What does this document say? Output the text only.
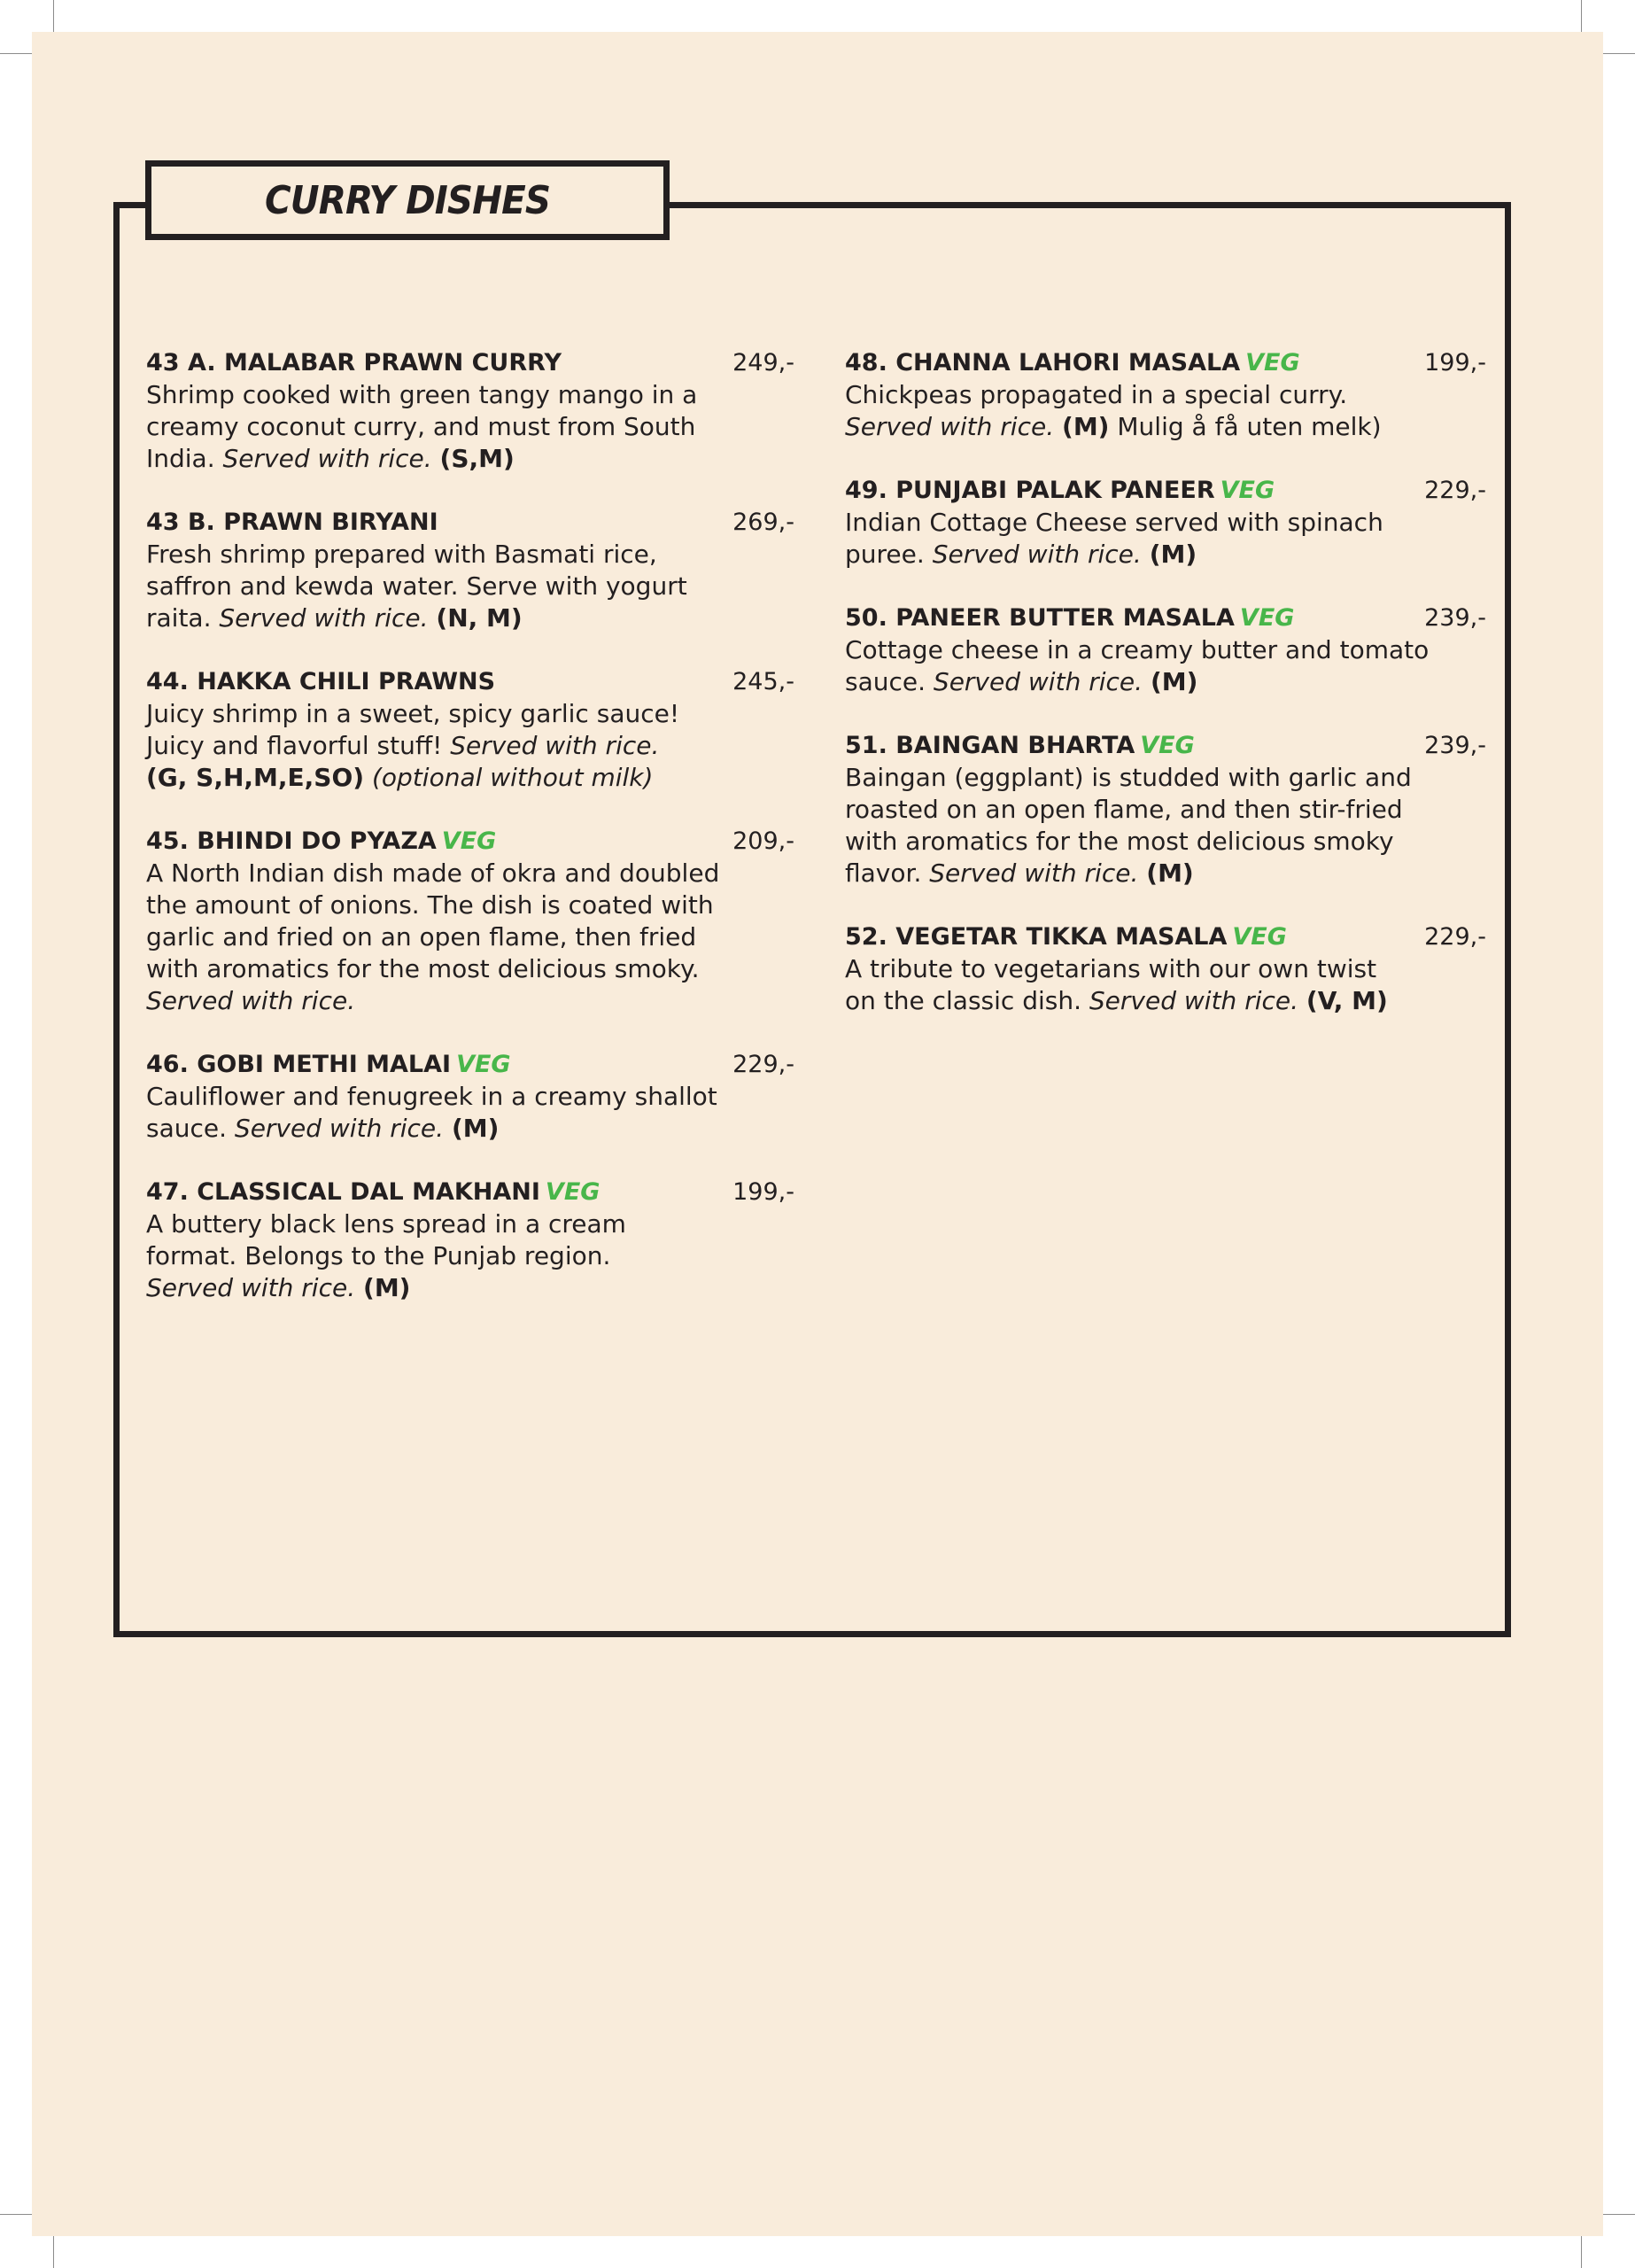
CURRY DISHES
43 A. MALABAR PRAWN CURRY	249,-
Shrimp cooked with green tangy mango in a
creamy coconut curry, and must from South
India. Served with rice. (S,M)
43 B. PRAWN BIRYANI	269,-
Fresh shrimp prepared with Basmati rice,
saffron and kewda water. Serve with yogurt
raita. Served with rice. (N, M)
44. HAKKA CHILI PRAWNS	245,-
Juicy shrimp in a sweet, spicy garlic sauce!
Juicy and flavorful stuff! Served with rice.
(G, S,H,M,E,SO) (optional without milk)
45. BHINDI DO PYAZA VEG	209,-
A North Indian dish made of okra and doubled
the amount of onions. The dish is coated with
garlic and fried on an open flame, then fried
with aromatics for the most delicious smoky.
Served with rice.
46. GOBI METHI MALAI VEG	229,-
Cauliflower and fenugreek in a creamy shallot
sauce. Served with rice. (M)
47. CLASSICAL DAL MAKHANI VEG	199,-
A buttery black lens spread in a cream
format. Belongs to the Punjab region.
Served with rice. (M)
48. CHANNA LAHORI MASALA VEG	199,-
Chickpeas propagated in a special curry.
Served with rice. (M) Mulig å få uten melk)
49. PUNJABI PALAK PANEER VEG	229,-
Indian Cottage Cheese served with spinach
puree. Served with rice. (M)
50. PANEER BUTTER MASALA VEG	239,-
Cottage cheese in a creamy butter and tomato
sauce. Served with rice. (M)
51. BAINGAN BHARTA VEG	239,-
Baingan (eggplant) is studded with garlic and
roasted on an open flame, and then stir-fried
with aromatics for the most delicious smoky
flavor. Served with rice. (M)
52. VEGETAR TIKKA MASALA VEG	229,-
A tribute to vegetarians with our own twist
on the classic dish. Served with rice. (V, M)
